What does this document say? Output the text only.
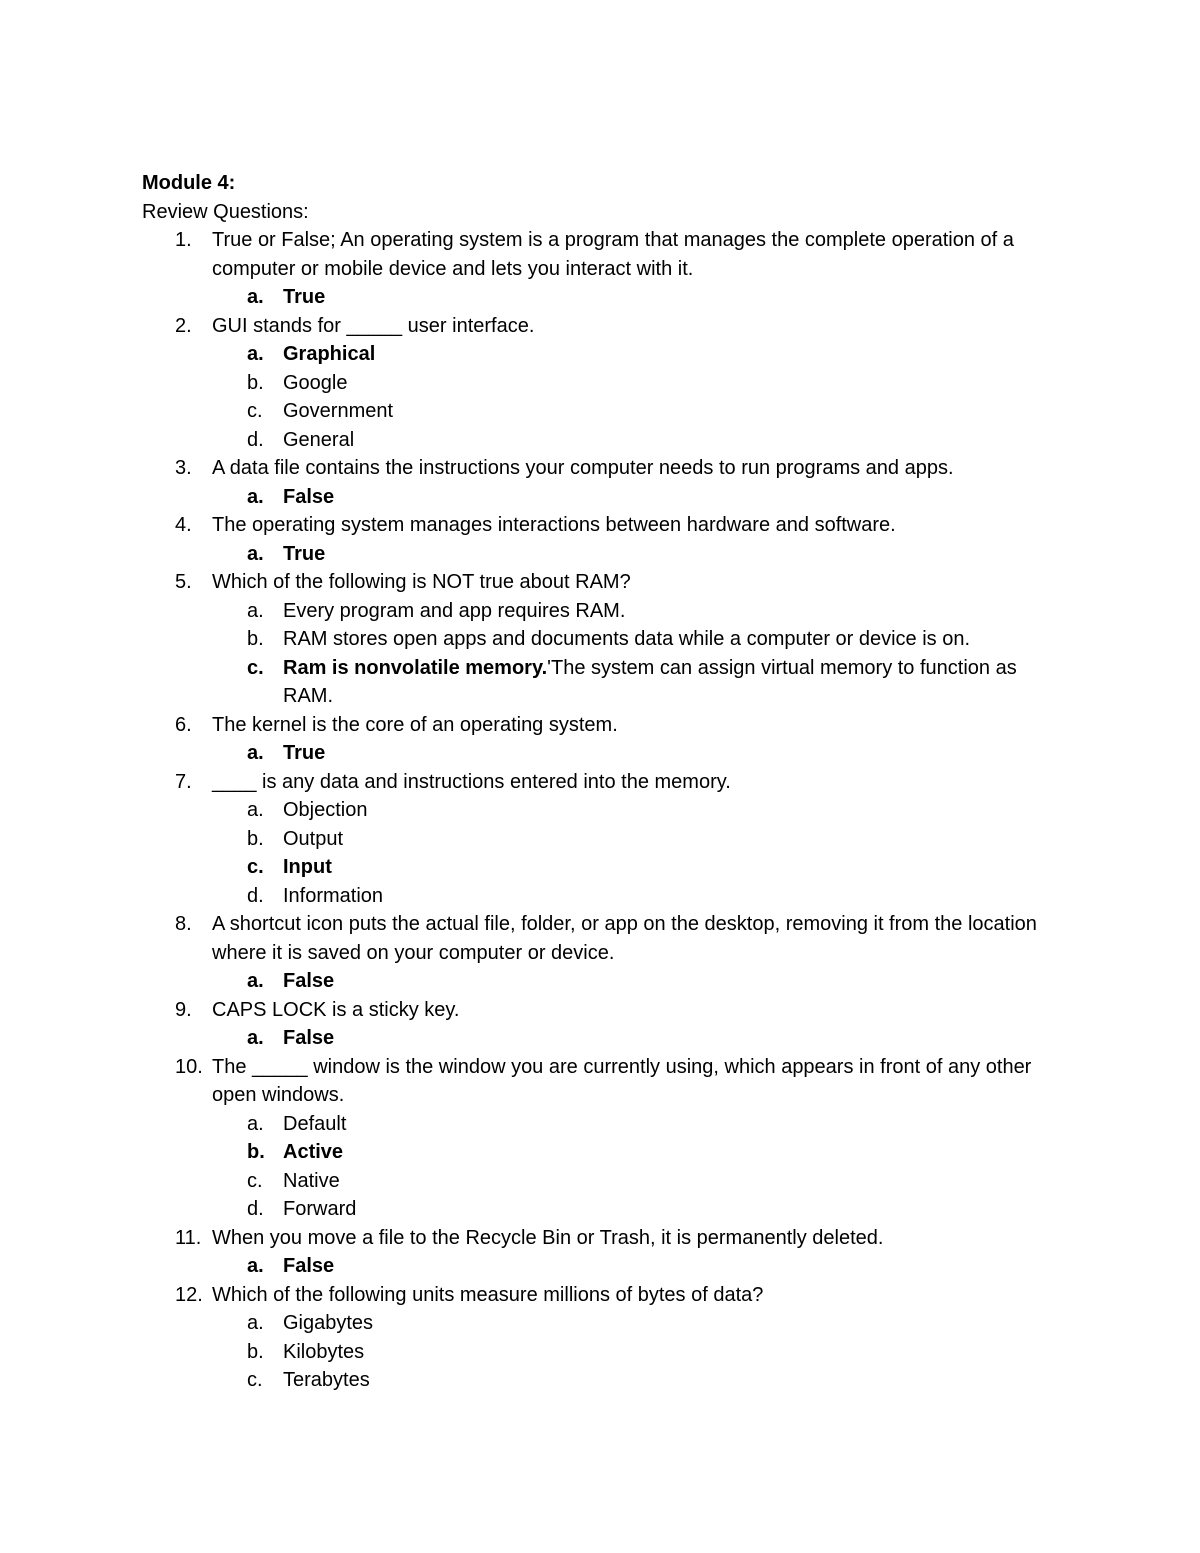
Module 4:
Review Questions:
1. True or False; An operating system is a program that manages the complete operation of a computer or mobile device and lets you interact with it.
a. True
2. GUI stands for _____ user interface.
a. Graphical
b. Google
c. Government
d. General
3. A data file contains the instructions your computer needs to run programs and apps.
a. False
4. The operating system manages interactions between hardware and software.
a. True
5. Which of the following is NOT true about RAM?
a. Every program and app requires RAM.
b. RAM stores open apps and documents data while a computer or device is on.
c. Ram is nonvolatile memory.'The system can assign virtual memory to function as RAM.
6. The kernel is the core of an operating system.
a. True
7. ____ is any data and instructions entered into the memory.
a. Objection
b. Output
c. Input
d. Information
8. A shortcut icon puts the actual file, folder, or app on the desktop, removing it from the location where it is saved on your computer or device.
a. False
9. CAPS LOCK is a sticky key.
a. False
10. The _____ window is the window you are currently using, which appears in front of any other open windows.
a. Default
b. Active
c. Native
d. Forward
11. When you move a file to the Recycle Bin or Trash, it is permanently deleted.
a. False
12. Which of the following units measure millions of bytes of data?
a. Gigabytes
b. Kilobytes
c. Terabytes
